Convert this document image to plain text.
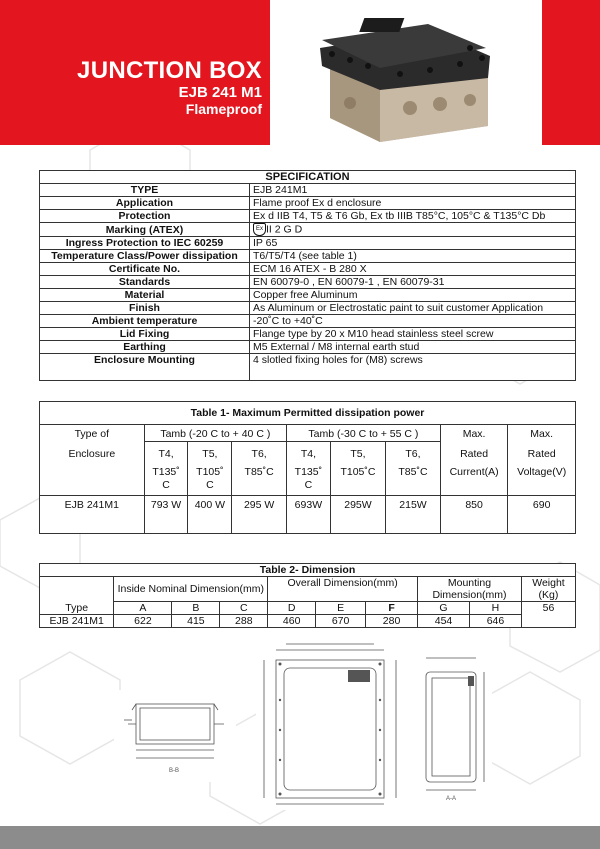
JUNCTION BOX
EJB 241 M1
Flameproof
SPECIFICATION	
TYPE	EJB 241M1
Application	Flame proof Ex d enclosure
Protection	Ex d IIB T4, T5 & T6 Gb, Ex tb IIIB T85°C, 105°C & T135°C Db
Marking (ATEX)	Ex II 2 G D
Ingress Protection to IEC 60259	IP 65
Temperature Class/Power dissipation	T6/T5/T4 (see table 1)
Certificate No.	ECM 16 ATEX - B 280 X
Standards	EN 60079-0 , EN 60079-1 , EN 60079-31
Material	Copper free Aluminum
Finish	As Aluminum or Electrostatic paint to suit customer Application
Ambient temperature	-20˚C to +40˚C
Lid Fixing	Flange type by 20 x M10 head stainless steel screw
Earthing	M5 External / M8 internal earth stud
Enclosure Mounting	4 slotled fixing holes for (M8) screws
Table 1- Maximum Permitted dissipation power								
Type of	Tamb (-20 C to + 40 C )			Tamb (-30 C to + 55 C )			Max.	Max.
Enclosure	T4,	T5,	T6,	T4,	T5,	T6,	Rated	Rated
	T135˚ C	T105˚ C	T85˚C	T135˚ C	T105˚C	T85˚C	Current(A)	Voltage(V)
EJB 241M1	793 W	400 W	295 W	693W	295W	215W	850	690
Table 2- Dimension									
	Inside Nominal Dimension(mm)			Overall Dimension(mm)			Mounting Dimension(mm)		Weight (Kg)
Type	A	B	C	D	E	F	G	H	56
EJB 241M1	622	415	288	460	670	280	454	646	
B-B
A-A
